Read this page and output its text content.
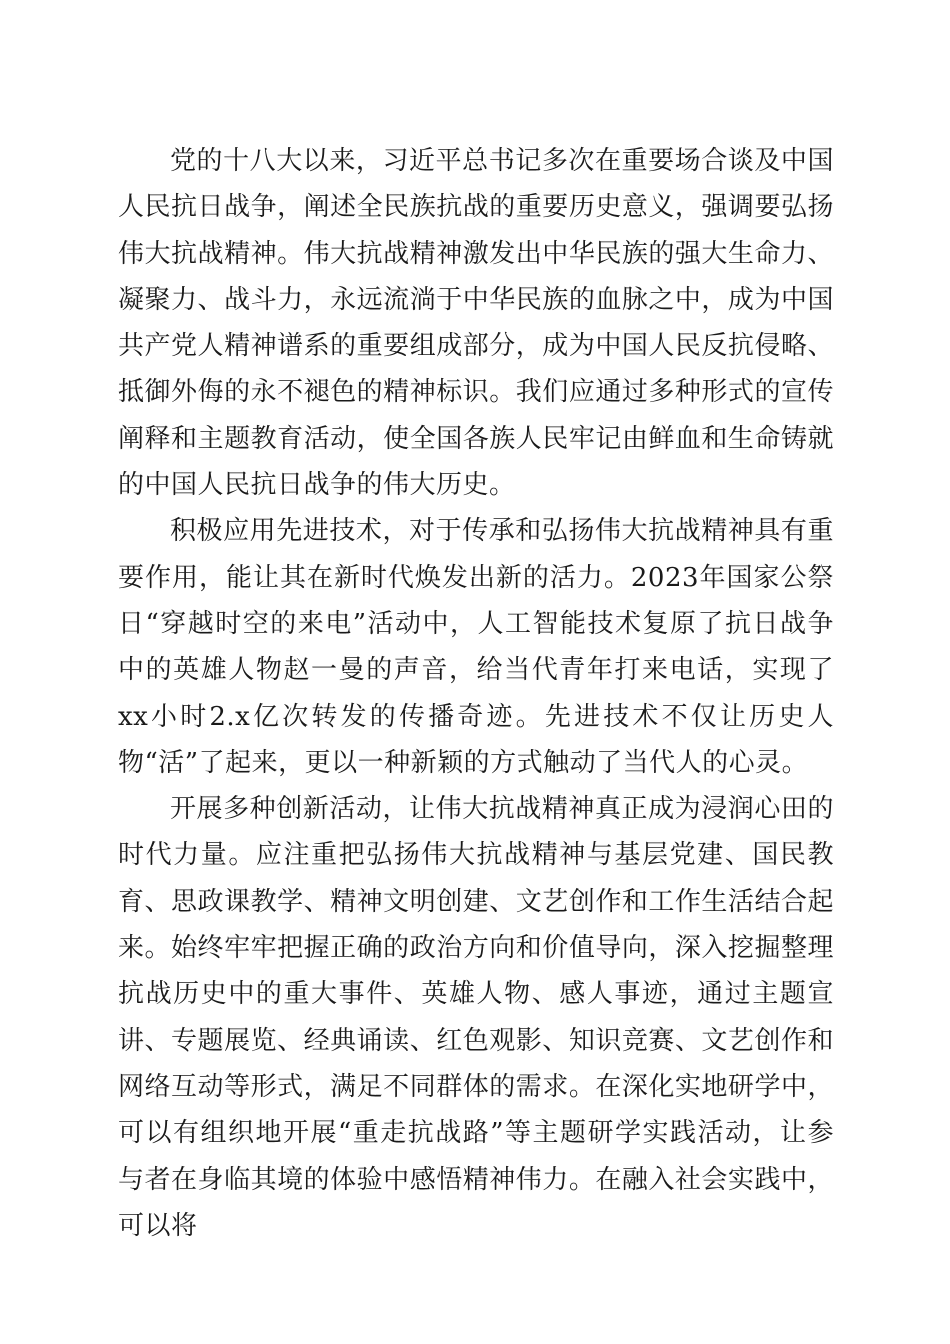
党的十八大以来，习近平总书记多次在重要场合谈及中国人民抗日战争，阐述全民族抗战的重要历史意义，强调要弘扬伟大抗战精神。伟大抗战精神激发出中华民族的强大生命力、凝聚力、战斗力，永远流淌于中华民族的血脉之中，成为中国共产党人精神谱系的重要组成部分，成为中国人民反抗侵略、抵御外侮的永不褪色的精神标识。我们应通过多种形式的宣传阐释和主题教育活动，使全国各族人民牢记由鲜血和生命铸就的中国人民抗日战争的伟大历史。

积极应用先进技术，对于传承和弘扬伟大抗战精神具有重要作用，能让其在新时代焕发出新的活力。2023年国家公祭日“穿越时空的来电”活动中，人工智能技术复原了抗日战争中的英雄人物赵一曼的声音，给当代青年打来电话，实现了xx小时2.x亿次转发的传播奇迹。先进技术不仅让历史人物“活”了起来，更以一种新颖的方式触动了当代人的心灵。

开展多种创新活动，让伟大抗战精神真正成为浸润心田的时代力量。应注重把弘扬伟大抗战精神与基层党建、国民教育、思政课教学、精神文明创建、文艺创作和工作生活结合起来。始终牢牢把握正确的政治方向和价值导向，深入挖掘整理抗战历史中的重大事件、英雄人物、感人事迹，通过主题宣讲、专题展览、经典诵读、红色观影、知识竞赛、文艺创作和网络互动等形式，满足不同群体的需求。在深化实地研学中，可以有组织地开展“重走抗战路”等主题研学实践活动，让参与者在身临其境的体验中感悟精神伟力。在融入社会实践中，可以将
